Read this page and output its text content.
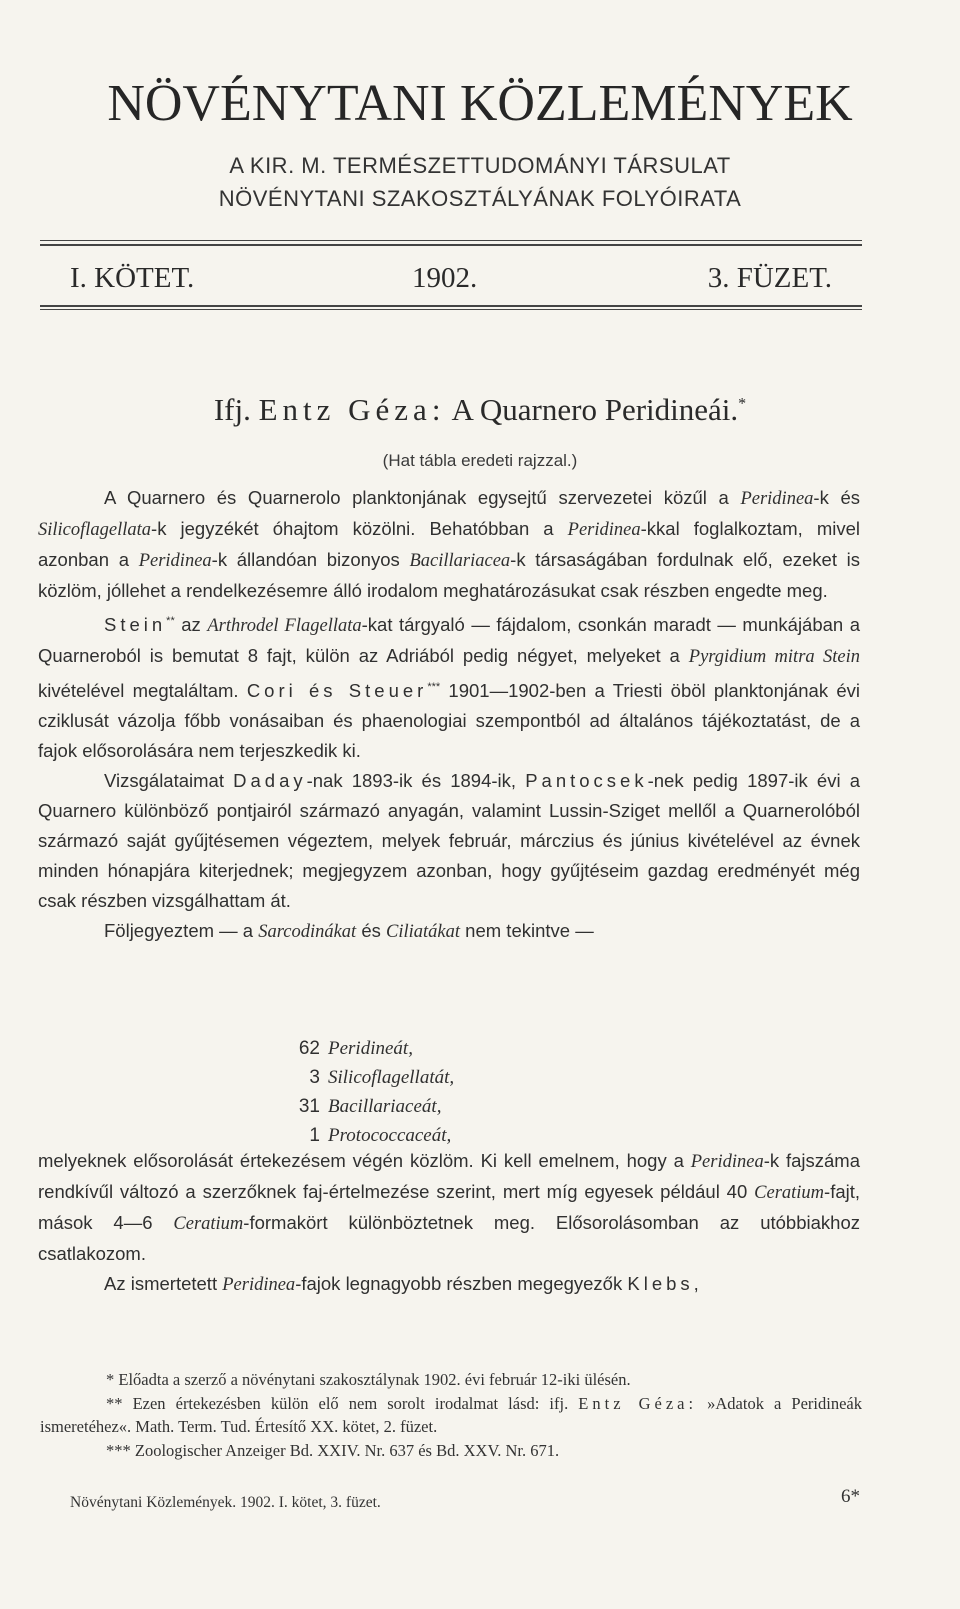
NÖVÉNYTANI KÖZLEMÉNYEK
A KIR. M. TERMÉSZETTUDOMÁNYI TÁRSULAT
NÖVÉNYTANI SZAKOSZTÁLYÁNAK FOLYÓIRATA
I. KÖTET.	1902.	3. FÜZET.
Ifj. Entz Géza: A Quarnero Peridineái.*
(Hat tábla eredeti rajzzal.)

A Quarnero és Quarnerolo planktonjának egysejtű szervezetei közűl a Peridinea-k és Silicoflagellata-k jegyzékét óhajtom közölni. Behatóbban a Peridinea-kkal foglalkoztam, mivel azonban a Peridinea-k állandóan bizonyos Bacillariacea-k társaságában fordulnak elő, ezeket is közlöm, jóllehet a rendelkezésemre álló irodalom meghatározásukat csak részben engedte meg.

Stein** az Arthrodel Flagellata-kat tárgyaló — fájdalom, csonkán maradt — munkájában a Quarneroból is bemutat 8 fajt, külön az Adriából pedig négyet, melyeket a Pyrgidium mitra Stein kivételével megtaláltam. Cori és Steuer*** 1901—1902-ben a Triesti öböl planktonjának évi cziklusát vázolja főbb vonásaiban és phaenologiai szempontból ad általános tájékoztatást, de a fajok elősorolására nem terjeszkedik ki.

Vizsgálataimat Daday-nak 1893-ik és 1894-ik, Pantocsek-nek pedig 1897-ik évi a Quarnero különböző pontjairól származó anyagán, valamint Lussin-Sziget mellől a Quarnerolóból származó saját gyűjtésemen végeztem, melyek február, márczius és június kivételével az évnek minden hónapjára kiterjednek; megjegyzem azonban, hogy gyűjtéseim gazdag eredményét még csak részben vizsgálhattam át.

Följegyeztem — a Sarcodinákat és Ciliatákat nem tekintve —

62 Peridineát,
3 Silicoflagellatát,
31 Bacillariaceát,
1 Protococcaceát,

melyeknek elősorolását értekezésem végén közlöm. Ki kell emelnem, hogy a Peridinea-k fajszáma rendkívűl változó a szerzőknek faj-értelmezése szerint, mert míg egyesek például 40 Ceratium-fajt, mások 4—6 Ceratium-formakört különböztetnek meg. Elősorolásomban az utóbbiakhoz csatlakozom.

Az ismertetett Peridinea-fajok legnagyobb részben megegyezők Klebs,

* Előadta a szerző a növénytani szakosztálynak 1902. évi február 12-iki ülésén.

** Ezen értekezésben külön elő nem sorolt irodalmat lásd: ifj. Entz Géza: »Adatok a Peridineák ismeretéhez«. Math. Term. Tud. Értesítő XX. kötet, 2. füzet.

*** Zoologischer Anzeiger Bd. XXIV. Nr. 637 és Bd. XXV. Nr. 671.

Növénytani Közlemények. 1902. I. kötet, 3. füzet.	6*
